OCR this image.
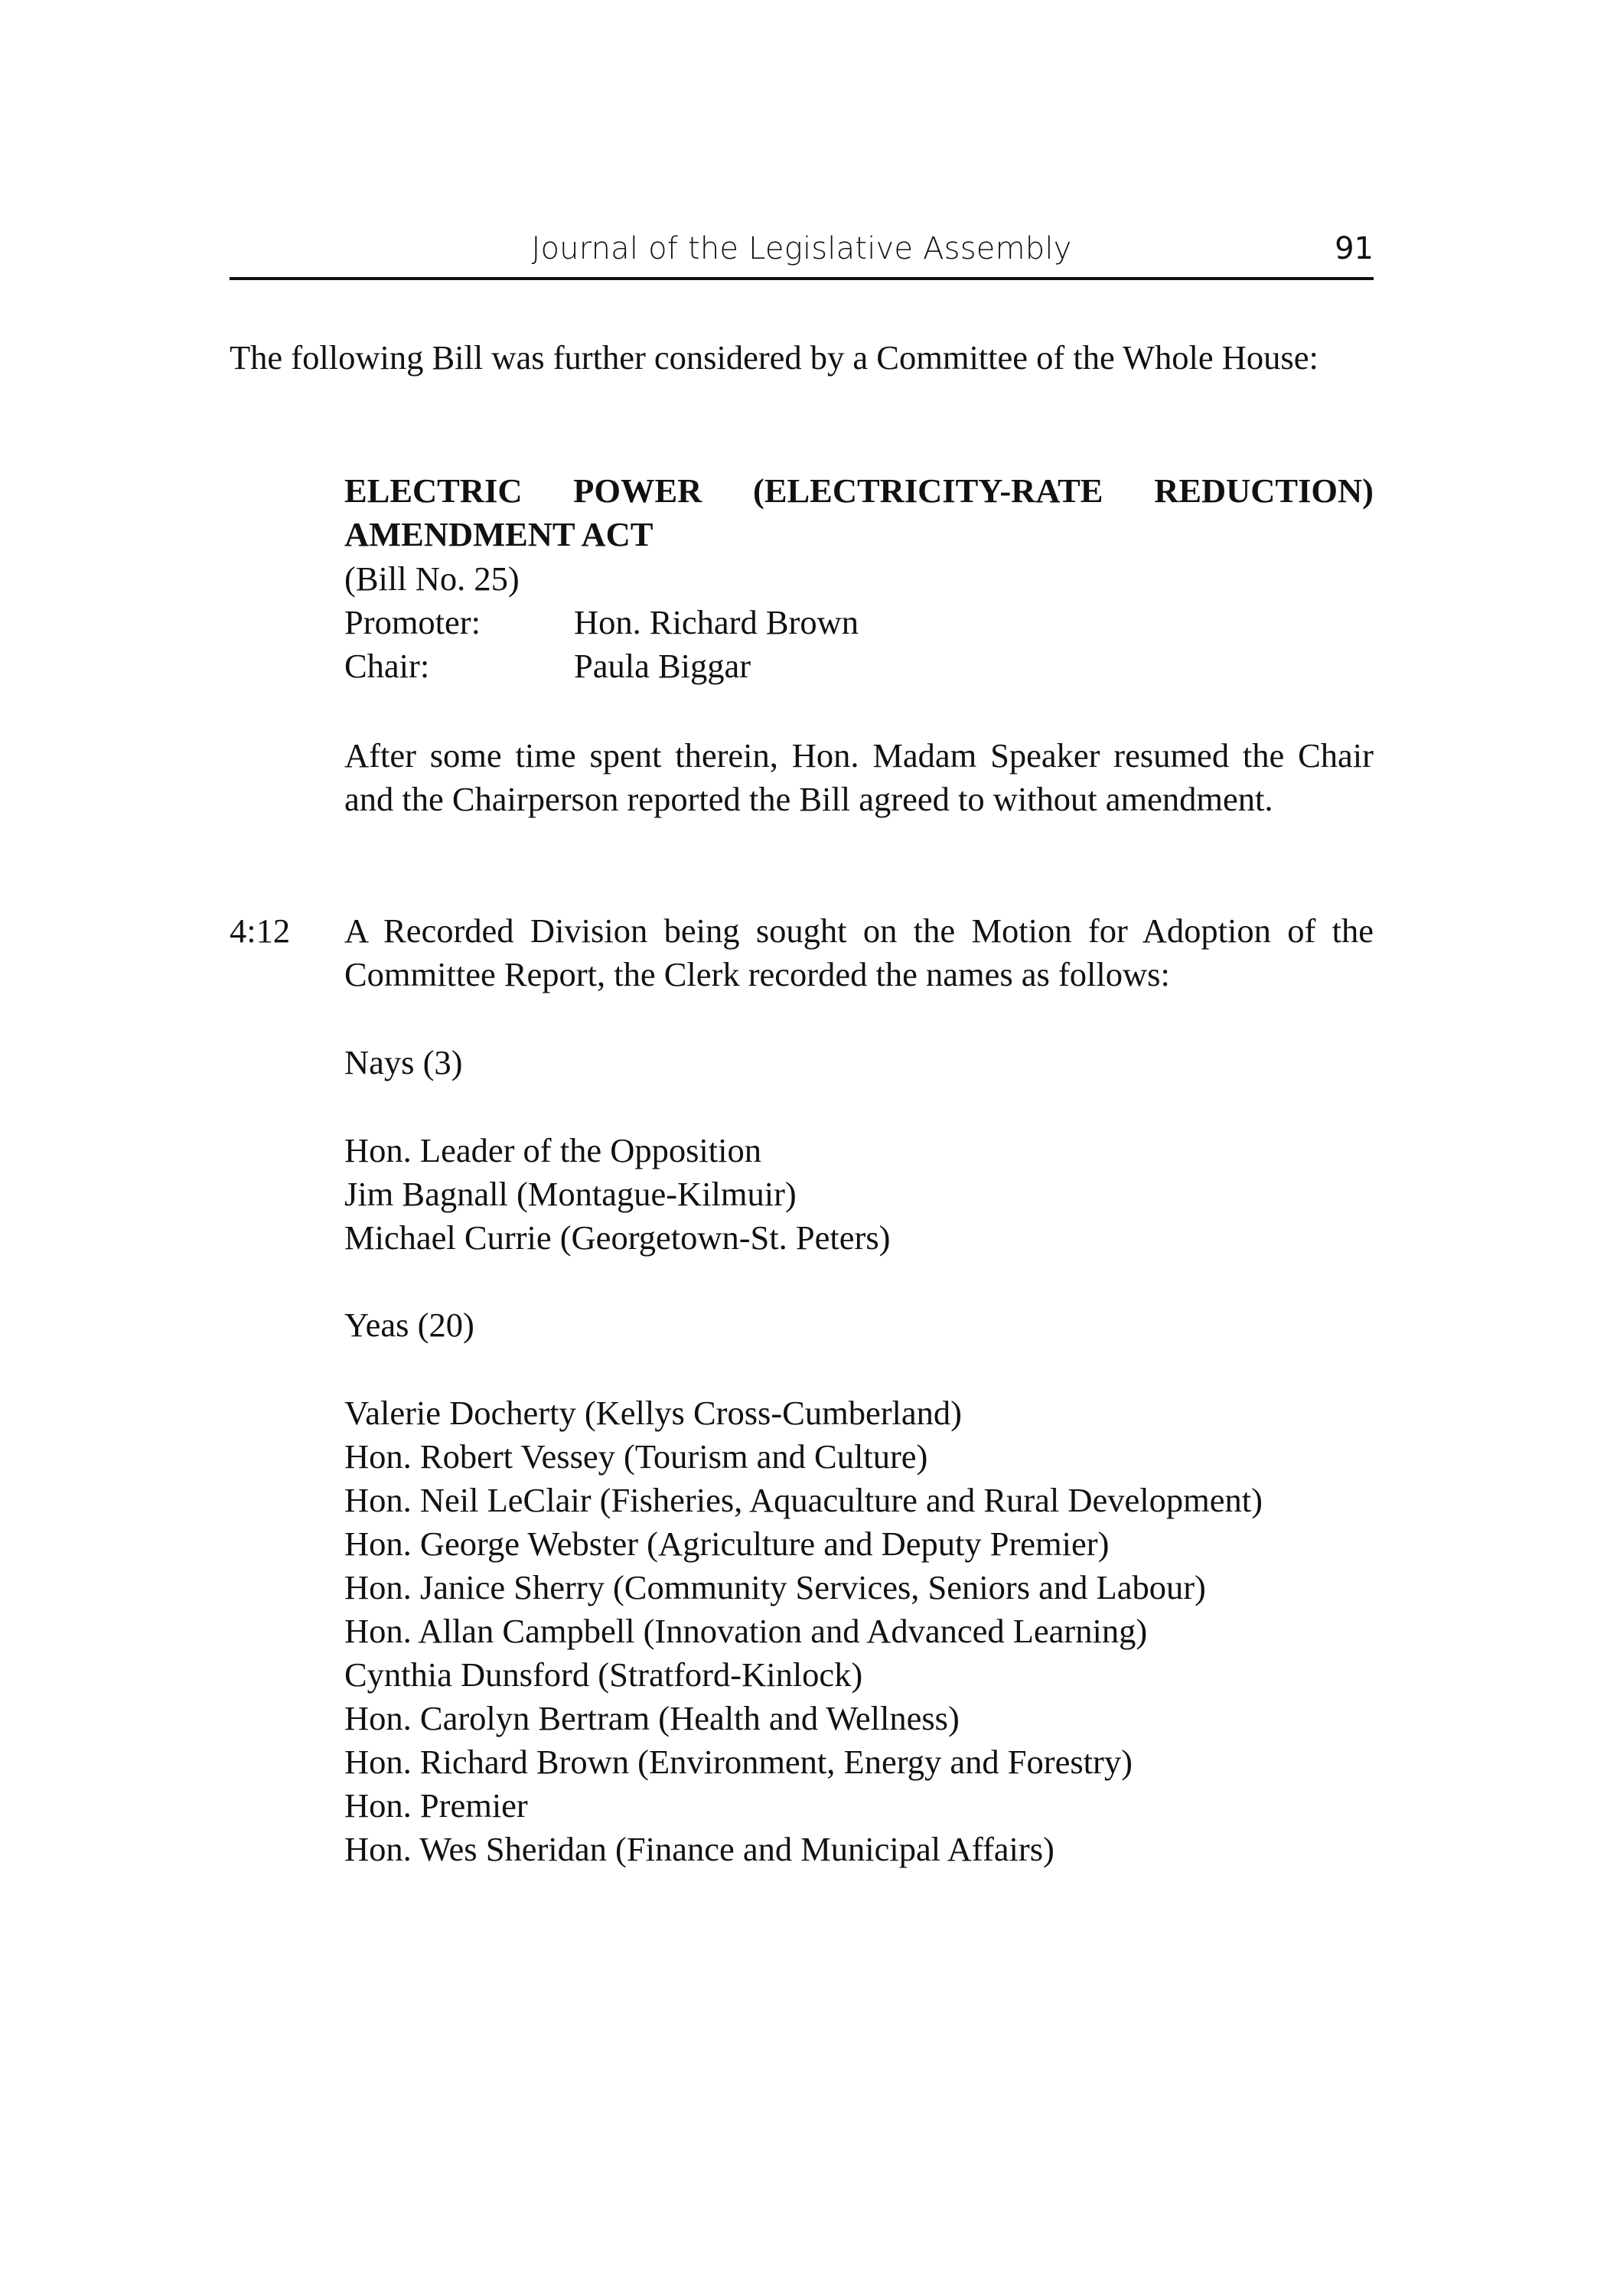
Journal of the Legislative Assembly	91
The following Bill was further considered by a Committee of the Whole House:
ELECTRIC POWER (ELECTRICITY-RATE REDUCTION) AMENDMENT ACT
(Bill No. 25)
Promoter:	Hon. Richard Brown
Chair:	Paula Biggar
After some time spent therein, Hon. Madam Speaker resumed the Chair and the Chairperson reported the Bill agreed to without amendment.
4:12 A Recorded Division being sought on the Motion for Adoption of the Committee Report, the Clerk recorded the names as follows:
Nays (3)
Hon. Leader of the Opposition
Jim Bagnall (Montague-Kilmuir)
Michael Currie (Georgetown-St. Peters)
Yeas (20)
Valerie Docherty (Kellys Cross-Cumberland)
Hon. Robert Vessey (Tourism and Culture)
Hon. Neil LeClair (Fisheries, Aquaculture and Rural Development)
Hon. George Webster (Agriculture and Deputy Premier)
Hon. Janice Sherry (Community Services, Seniors and Labour)
Hon. Allan Campbell (Innovation and Advanced Learning)
Cynthia Dunsford (Stratford-Kinlock)
Hon. Carolyn Bertram (Health and Wellness)
Hon. Richard Brown (Environment, Energy and Forestry)
Hon. Premier
Hon. Wes Sheridan (Finance and Municipal Affairs)
